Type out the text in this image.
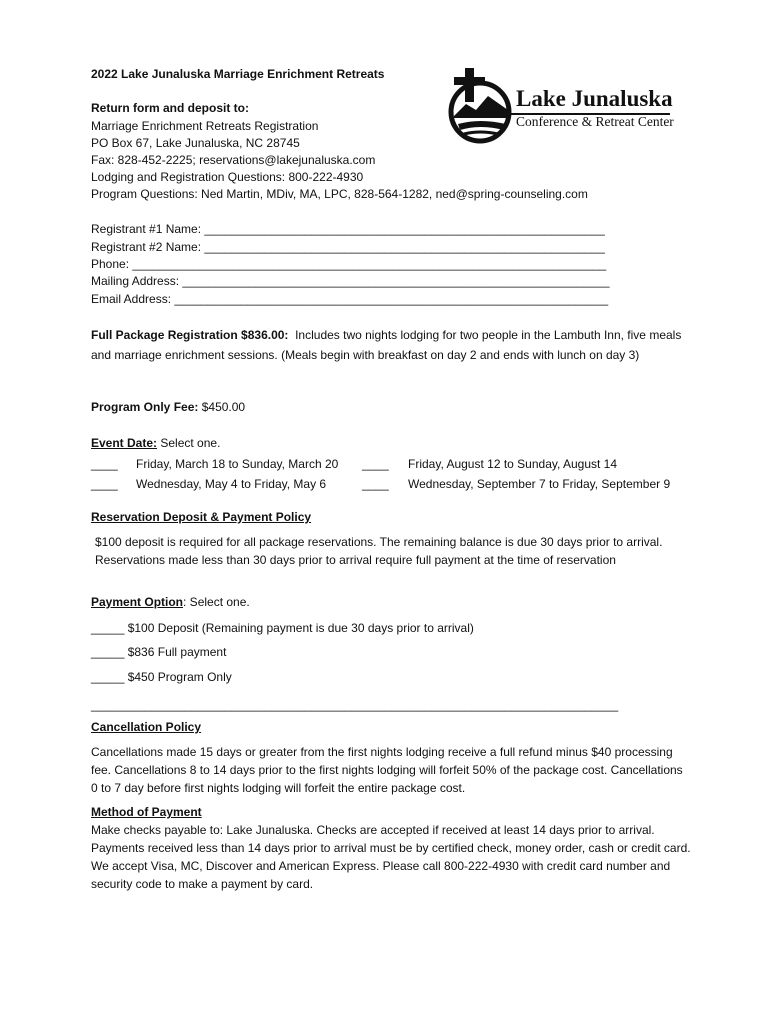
2022 Lake Junaluska Marriage Enrichment Retreats
Return form and deposit to:
Marriage Enrichment Retreats Registration
PO Box 67, Lake Junaluska, NC 28745
Fax: 828-452-2225; reservations@lakejunaluska.com
Lodging and Registration Questions: 800-222-4930
Program Questions: Ned Martin, MDiv, MA, LPC, 828-564-1282, ned@spring-counseling.com
Lake Junaluska
Conference & Retreat Center
Registrant #1 Name: ____________________________________________________________
Registrant #2 Name: ____________________________________________________________
Phone: _______________________________________________________________________
Mailing Address: ________________________________________________________________
Email Address: _________________________________________________________________
Full Package Registration $836.00: Includes two nights lodging for two people in the Lambuth Inn, five meals and marriage enrichment sessions. (Meals begin with breakfast on day 2 and ends with lunch on day 3)
Program Only Fee: $450.00
Event Date: Select one.
____ Friday, March 18 to Sunday, March 20 ____ Friday, August 12 to Sunday, August 14
____ Wednesday, May 4 to Friday, May 6	____ Wednesday, September 7 to Friday, September 9
Reservation Deposit & Payment Policy
$100 deposit is required for all package reservations. The remaining balance is due 30 days prior to arrival. Reservations made less than 30 days prior to arrival require full payment at the time of reservation
Payment Option: Select one.
_____ $100 Deposit (Remaining payment is due 30 days prior to arrival)
_____ $836 Full payment
_____ $450 Program Only
_______________________________________________________________________________
Cancellation Policy
Cancellations made 15 days or greater from the first nights lodging receive a full refund minus $40 processing fee. Cancellations 8 to 14 days prior to the first nights lodging will forfeit 50% of the package cost. Cancellations 0 to 7 day before first nights lodging will forfeit the entire package cost.
Method of Payment
Make checks payable to: Lake Junaluska. Checks are accepted if received at least 14 days prior to arrival. Payments received less than 14 days prior to arrival must be by certified check, money order, cash or credit card. We accept Visa, MC, Discover and American Express. Please call 800-222-4930 with credit card number and security code to make a payment by card.
